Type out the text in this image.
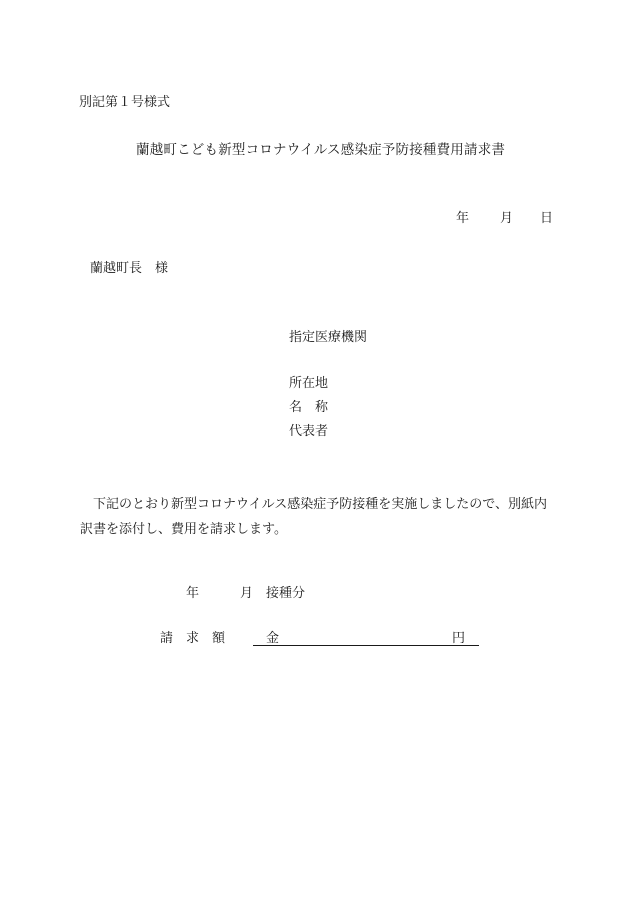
別記第１号様式
蘭越町こども新型コロナウイルス感染症予防接種費用請求書
年 月 日
蘭越町長　様
指定医療機関
所在地
名　称
代表者

下記のとおり新型コロナウイルス感染症予防接種を実施しましたので、別紙内訳書を添付し、費用を請求します。

年	月 接種分
請　求　額	金	円
